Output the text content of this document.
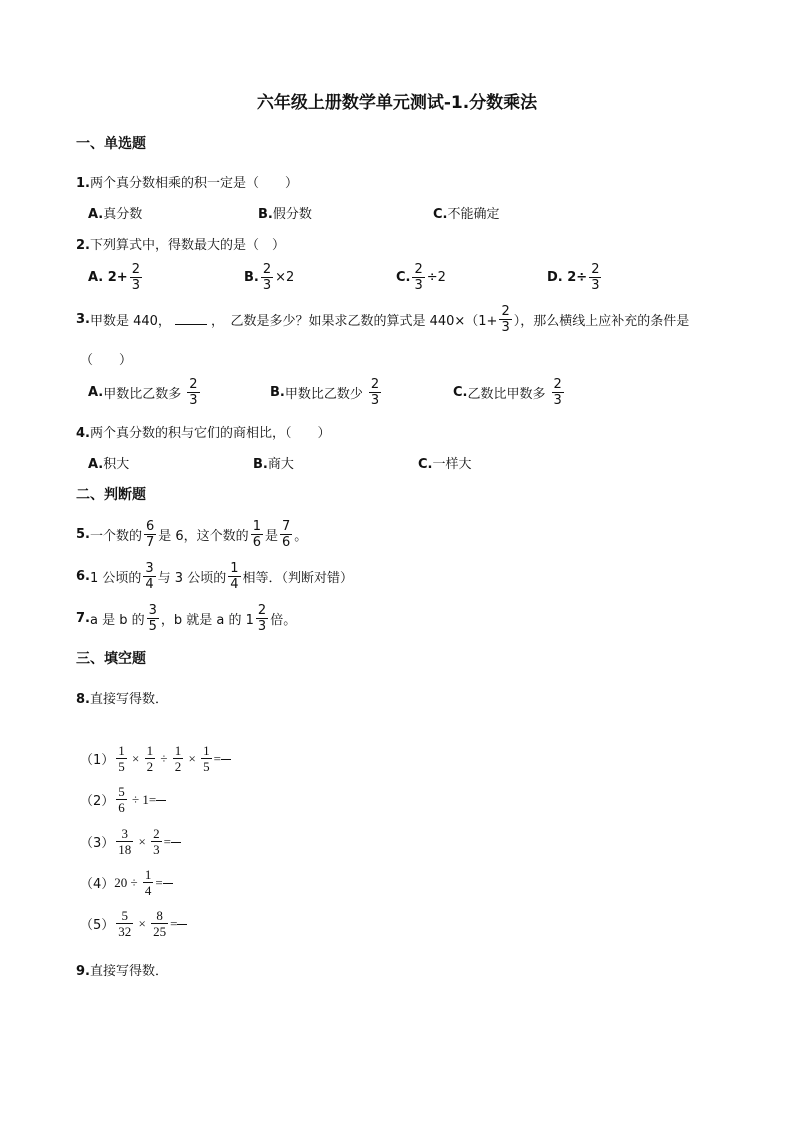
六年级上册数学单元测试-1.分数乘法
一、单选题
1.两个真分数相乘的积一定是（　　）
A.真分数	B.假分数	C.不能确定
2.下列算式中，得数最大的是（　）
A. $2+ \frac{2}{3}$	B. $\frac{2}{3} \times 2$	C. $\frac{2}{3} \div 2$	D. $2\div \frac{2}{3}$
3. 甲数是 440，	，　乙数是多少？如果求乙数的算式是 $440\times(1+ \frac{2}{3}$ ），那么横线上应补充的条件是
（　　）
A. 甲数比乙数多 $\frac{2}{3}$	B. 甲数比乙数少 $\frac{2}{3}$	C. 乙数比甲数多 $\frac{2}{3}$
4.两个真分数的积与它们的商相比，（　　）
A.积大	B.商大	C.一样大
二、判断题
5. 一个数的 $\frac{6}{7}$ 是 6，这个数的 $\frac{1}{6}$ 是 $\frac{7}{6}$ 。
6. 1 公顷的 $\frac{3}{4}$ 与 3 公顷的 $\frac{1}{4}$ 相等．（判断对错）
7. a 是 b 的 $\frac{3}{5}$ ，b 就是 a 的 $1 \frac{2}{3}$ 倍。
三、填空题
8.直接写得数．
$(1) \frac{1}{5} \times \frac{1}{2} \div \frac{1}{2} \times \frac{1}{5}$ =
$(2) \frac{5}{6} \div 1=$
$(3) \frac{3}{18} \times \frac{2}{3}$ =
（4） $20 \div \frac{1}{4}$ =
$(5) \frac{5}{32} \times \frac{8}{25}$ =
9.直接写得数．
